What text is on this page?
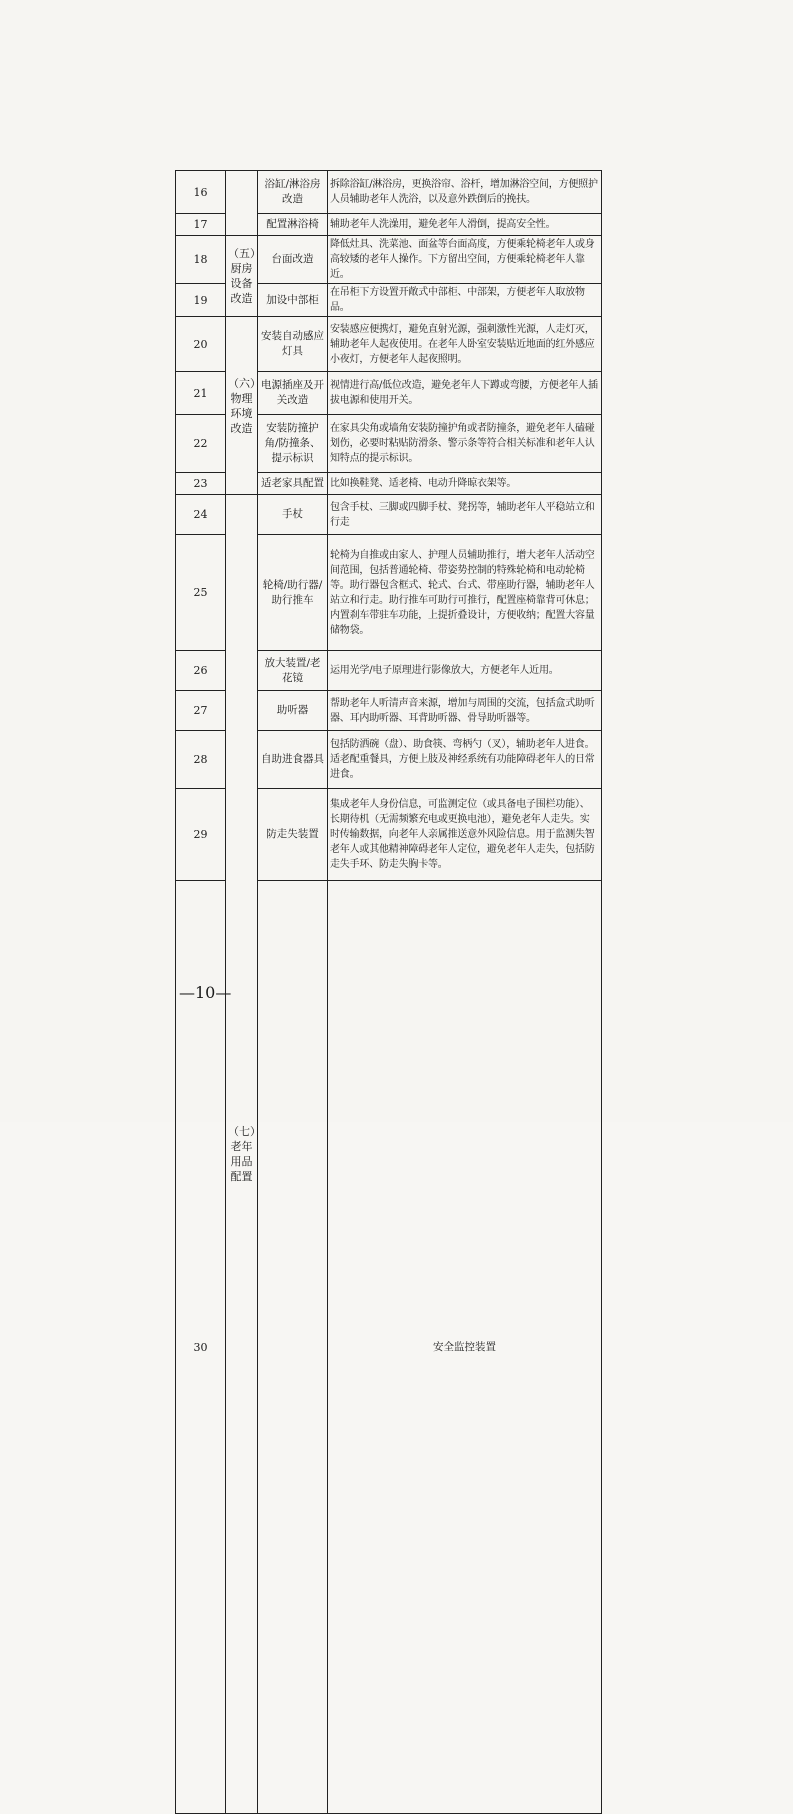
16		浴缸/淋浴房改造	拆除浴缸/淋浴房，更换浴帘、浴杆，增加淋浴空间，方便照护人员辅助老年人洗浴，以及意外跌倒后的挽扶。	
17		配置淋浴椅	辅助老年人洗澡用，避免老年人滑倒，提高安全性。	
18	（五）厨房设备改造	台面改造	降低灶具、洗菜池、面盆等台面高度，方便乘轮椅老年人或身高较矮的老年人操作。下方留出空间，方便乘轮椅老年人靠近。	
19		加设中部柜	在吊柜下方设置开敞式中部柜、中部架，方便老年人取放物品。	
20	（六）物理环境改造	安装自动感应灯具	安装感应便携灯，避免直射光源，强刺激性光源，人走灯灭，辅助老年人起夜使用。在老年人卧室安装贴近地面的红外感应小夜灯，方便老年人起夜照明。	
21		电源插座及开关改造	视情进行高/低位改造，避免老年人下蹲或弯腰，方便老年人插拔电源和使用开关。	
22		安装防撞护角/防撞条、提示标识	在家具尖角或墙角安装防撞护角或者防撞条，避免老年人磕碰划伤，必要时粘贴防滑条、警示条等符合相关标准和老年人认知特点的提示标识。	
23		适老家具配置	比如换鞋凳、适老椅、电动升降晾衣架等。	
24	（七）老年用品配置	手杖	包含手杖、三脚或四脚手杖、凳拐等，辅助老年人平稳站立和行走	
25		轮椅/助行器/助行推车	轮椅为自推或由家人、护理人员辅助推行，增大老年人活动空间范围，包括普通轮椅、带姿势控制的特殊轮椅和电动轮椅等。助行器包含框式、轮式、台式、带座助行器，辅助老年人站立和行走。助行推车可助行可推行，配置座椅靠背可休息；内置刹车带驻车功能，上提折叠设计，方便收纳；配置大容量储物袋。	
26		放大装置/老花镜	运用光学/电子原理进行影像放大，方便老年人近用。	
27		助听器	帮助老年人听清声音来源，增加与周围的交流，包括盒式助听器、耳内助听器、耳背助听器、骨导助听器等。	
28		自助进食器具	包括防洒碗（盘）、助食筷、弯柄勺（叉），辅助老年人进食。适老配重餐具，方便上肢及神经系统有功能障碍老年人的日常进食。	
29		防走失装置	集成老年人身份信息，可监测定位（或具备电子围栏功能）、长期待机（无需频繁充电或更换电池），避免老年人走失。实时传输数据，向老年人亲属推送意外风险信息。用于监测失智老年人或其他精神障碍老年人定位，避免老年人走失，包括防走失手环、防走失胸卡等。	
30			安全监控装置	
—10—
